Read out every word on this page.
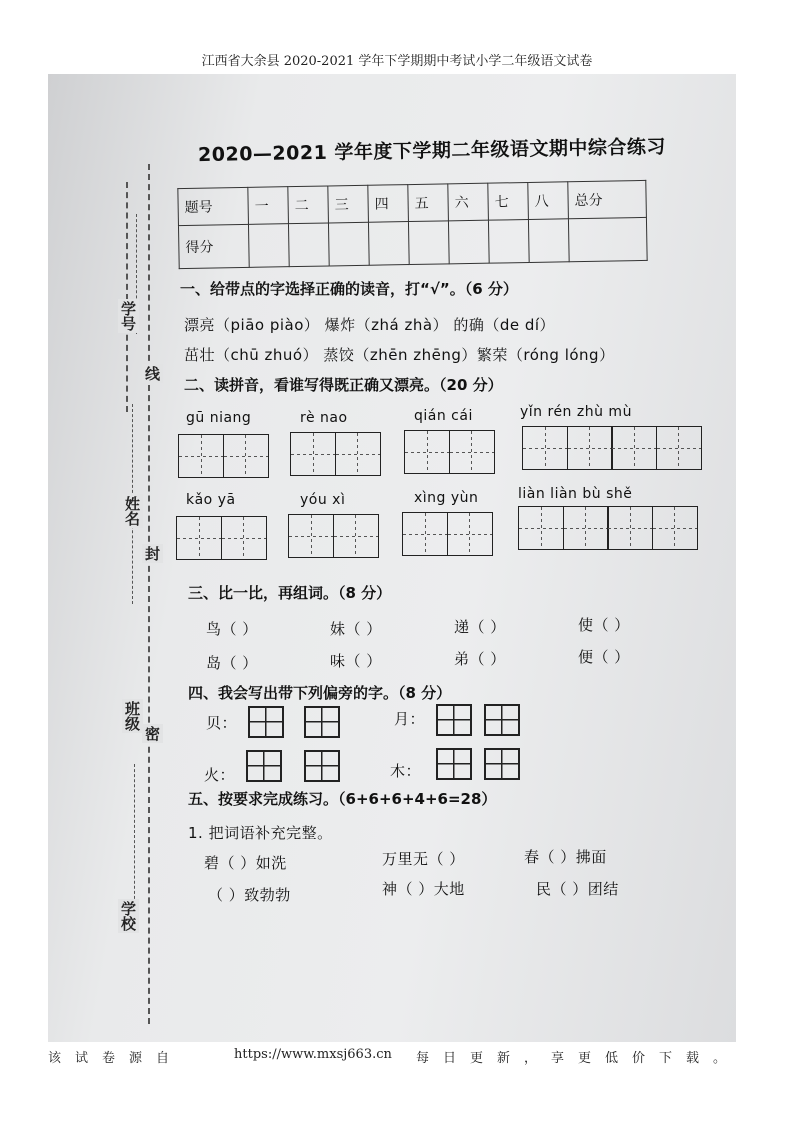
江西省大余县 2020-2021 学年下学期期中考试小学二年级语文试卷
学号
线
姓名
封
班级
密
学校
2020—2021 学年度下学期二年级语文期中综合练习
题号	一	二	三	四	五	六	七	八	总分
得分									
一、给带点的字选择正确的读音，打“√”。（6 分）
漂亮（piāo piào） 爆炸（zhá zhà） 的确（de dí）
茁壮（chū zhuó） 蒸饺（zhēn zhēng）繁荣（róng lóng）
二、读拼音，看谁写得既正确又漂亮。（20 分）
gū niang	rè nao	qián cái	yǐn rén zhù mù
kǎo yā	yóu xì	xìng yùn	liàn liàn bù shě
三、比一比，再组词。（8 分）
鸟（ ）	妹（ ）	递（ ）	使（ ）
岛（ ）	味（ ）	弟（ ）	便（ ）
四、我会写出带下列偏旁的字。（8 分）
贝：	月：
火：	木：
五、按要求完成练习。（6+6+6+4+6=28）
1. 把词语补充完整。
碧（ ）如洗	万里无（ ）	春（ ）拂面
（ ）致勃勃	神（ ）大地	民（ ）团结
该试卷源自	https://www.mxsj663.cn 每日更新，享更低价下载。
